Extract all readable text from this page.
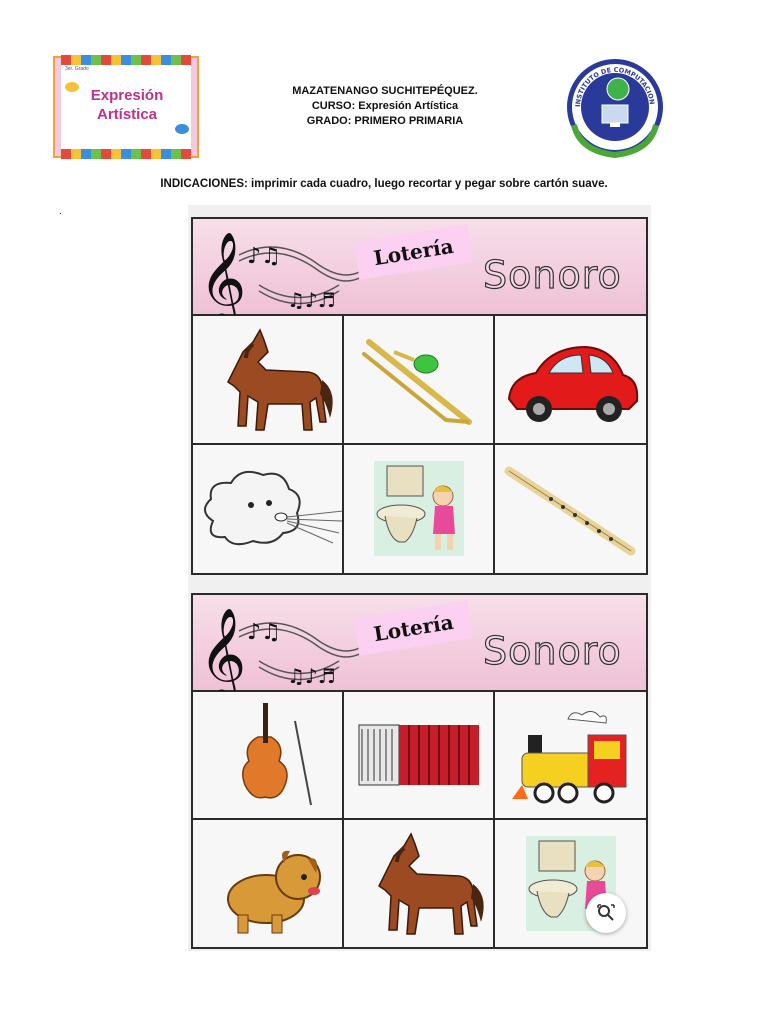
3er. Grado
Expresión
Artística
MAZATENANGO SUCHITEPÉQUEZ.
CURSO: Expresión Artística
GRADO: PRIMERO PRIMARIA
INSTITUTO DE COMPUTACION
INDICACIONES: imprimir cada cuadro, luego recortar y pegar sobre cartón suave.
.
Lotería
Sonoro
Lotería
Sonoro
